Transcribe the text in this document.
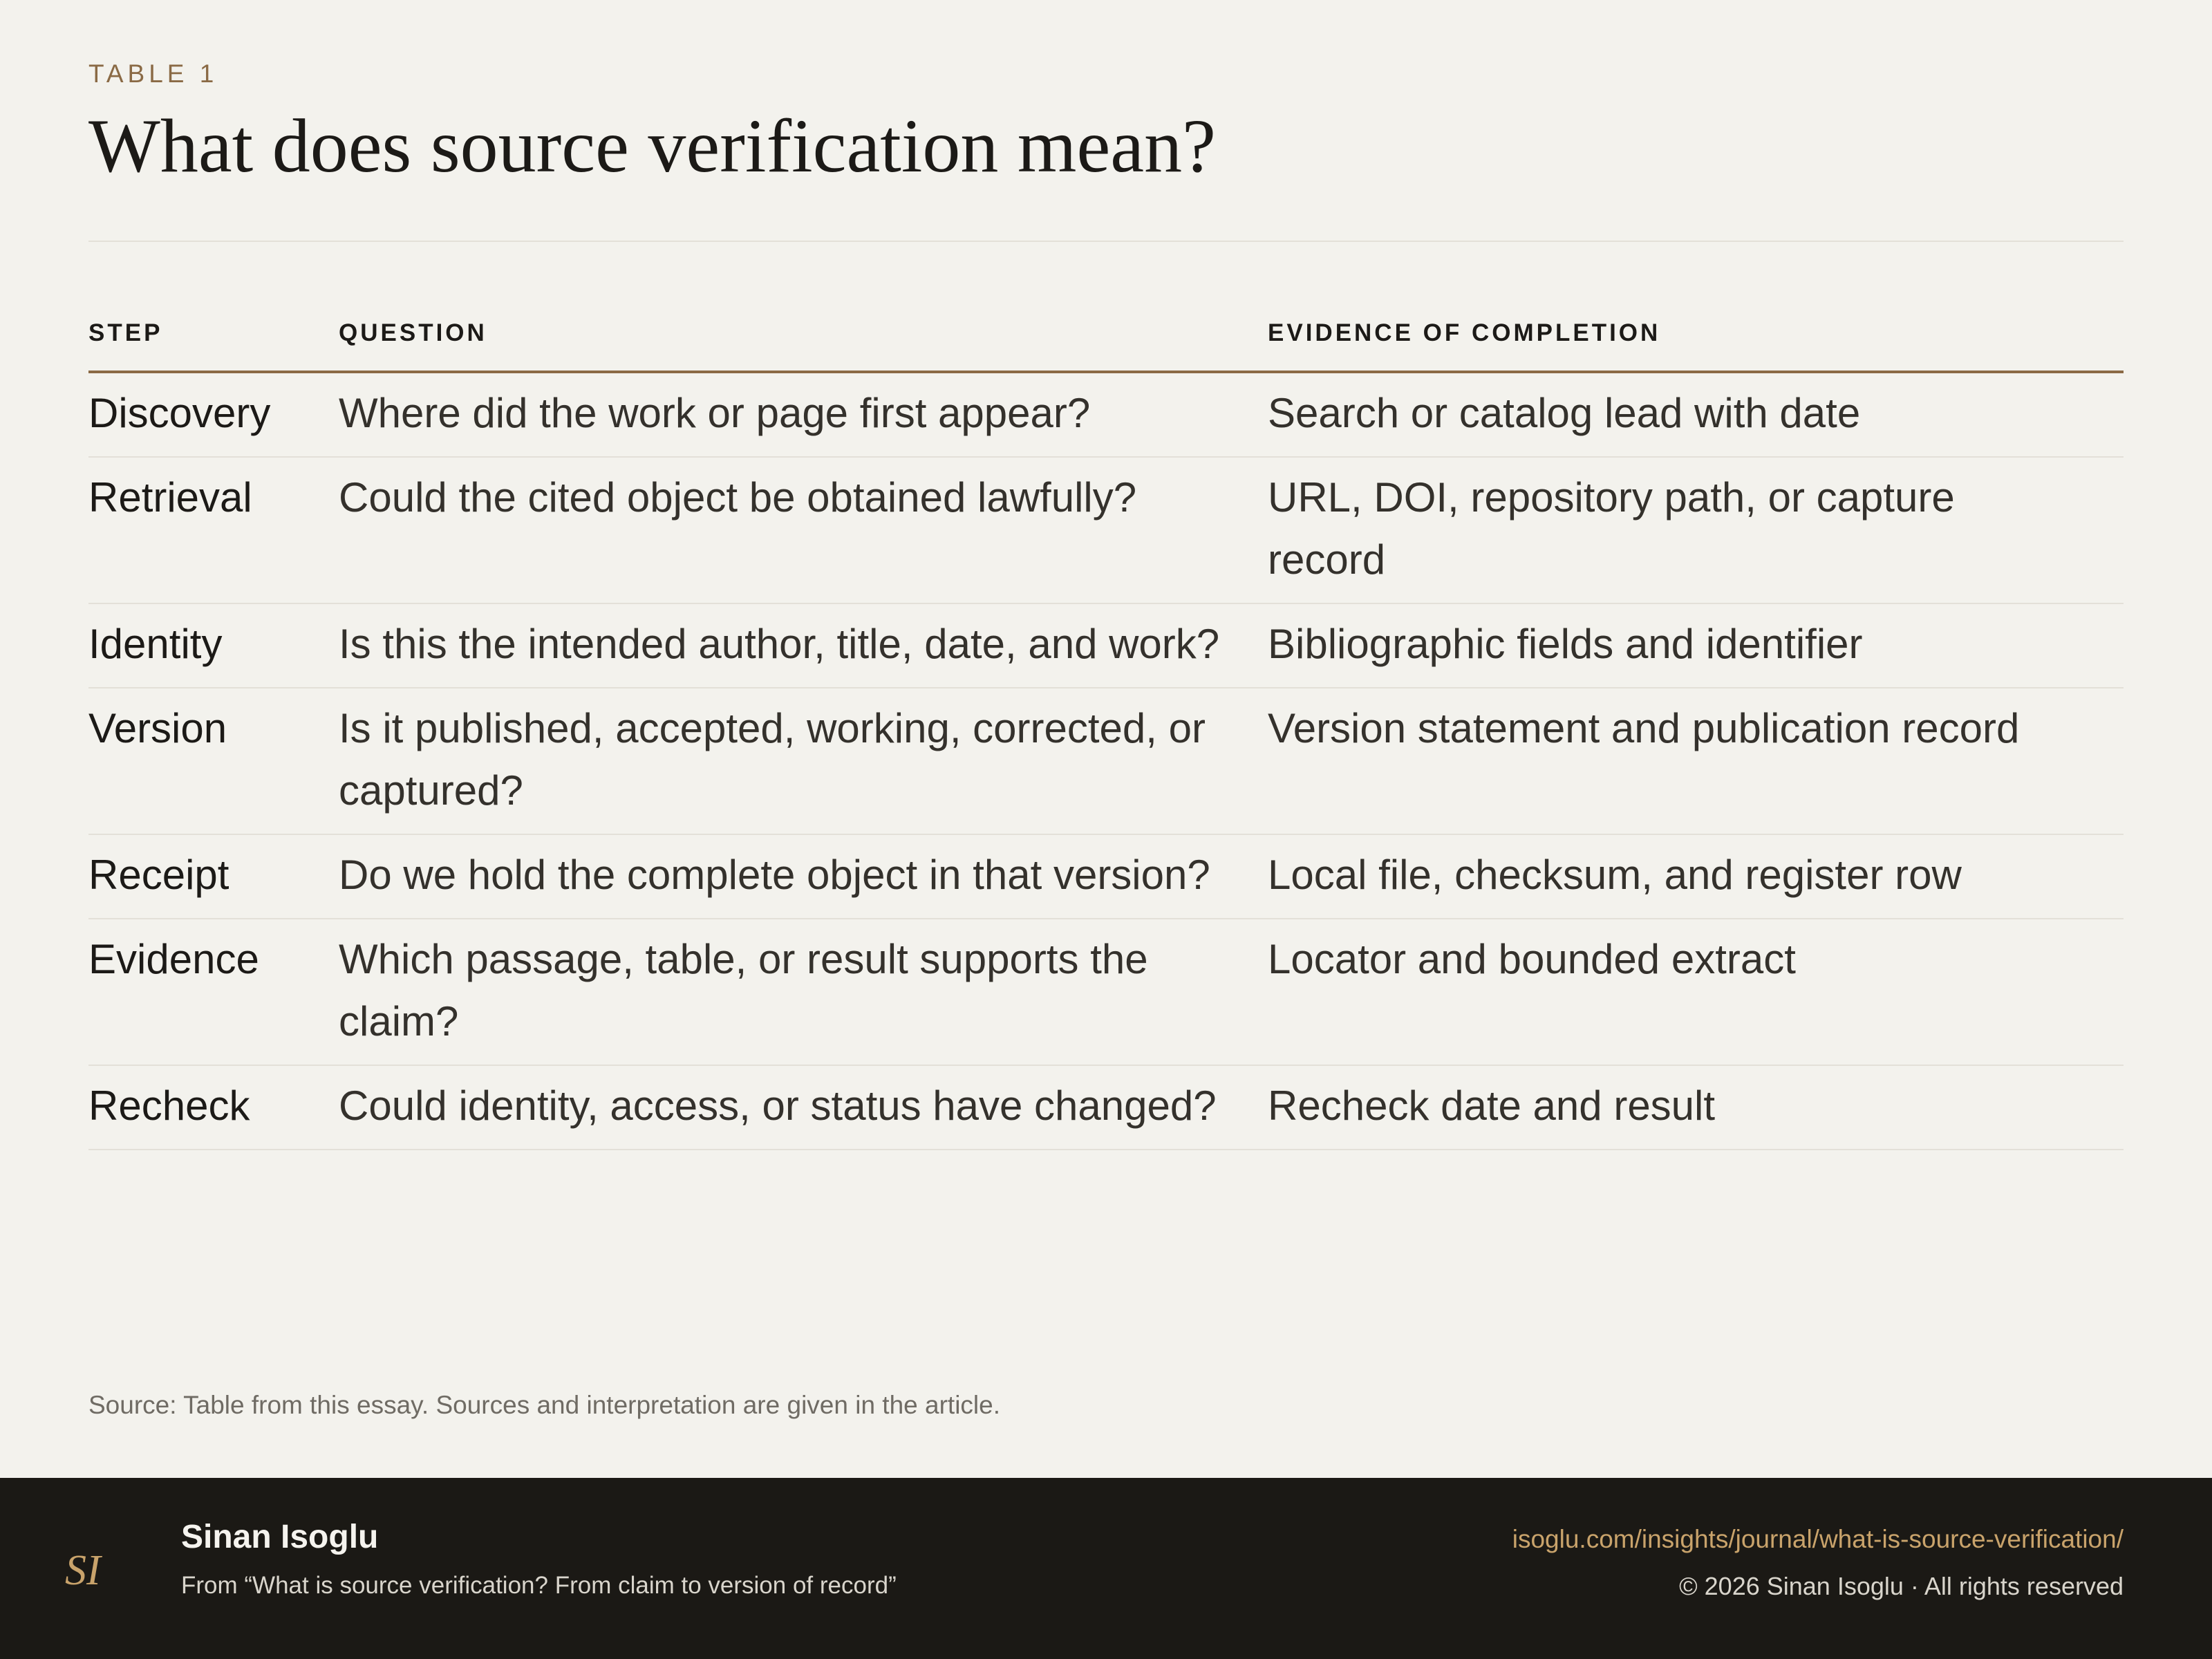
TABLE 1
What does source verification mean?
STEP	QUESTION	EVIDENCE OF COMPLETION
Discovery	Where did the work or page first appear?	Search or catalog lead with date
Retrieval	Could the cited object be obtained lawfully?	URL, DOI, repository path, or capture record
Identity	Is this the intended author, title, date, and work?	Bibliographic fields and identifier
Version	Is it published, accepted, working, corrected, or captured?	Version statement and publication record
Receipt	Do we hold the complete object in that version?	Local file, checksum, and register row
Evidence	Which passage, table, or result supports the claim?	Locator and bounded extract
Recheck	Could identity, access, or status have changed?	Recheck date and result
Source: Table from this essay. Sources and interpretation are given in the article.
SI
Sinan Isoglu
From “What is source verification? From claim to version of record”
isoglu.com/insights/journal/what-is-source-verification/
© 2026 Sinan Isoglu · All rights reserved
